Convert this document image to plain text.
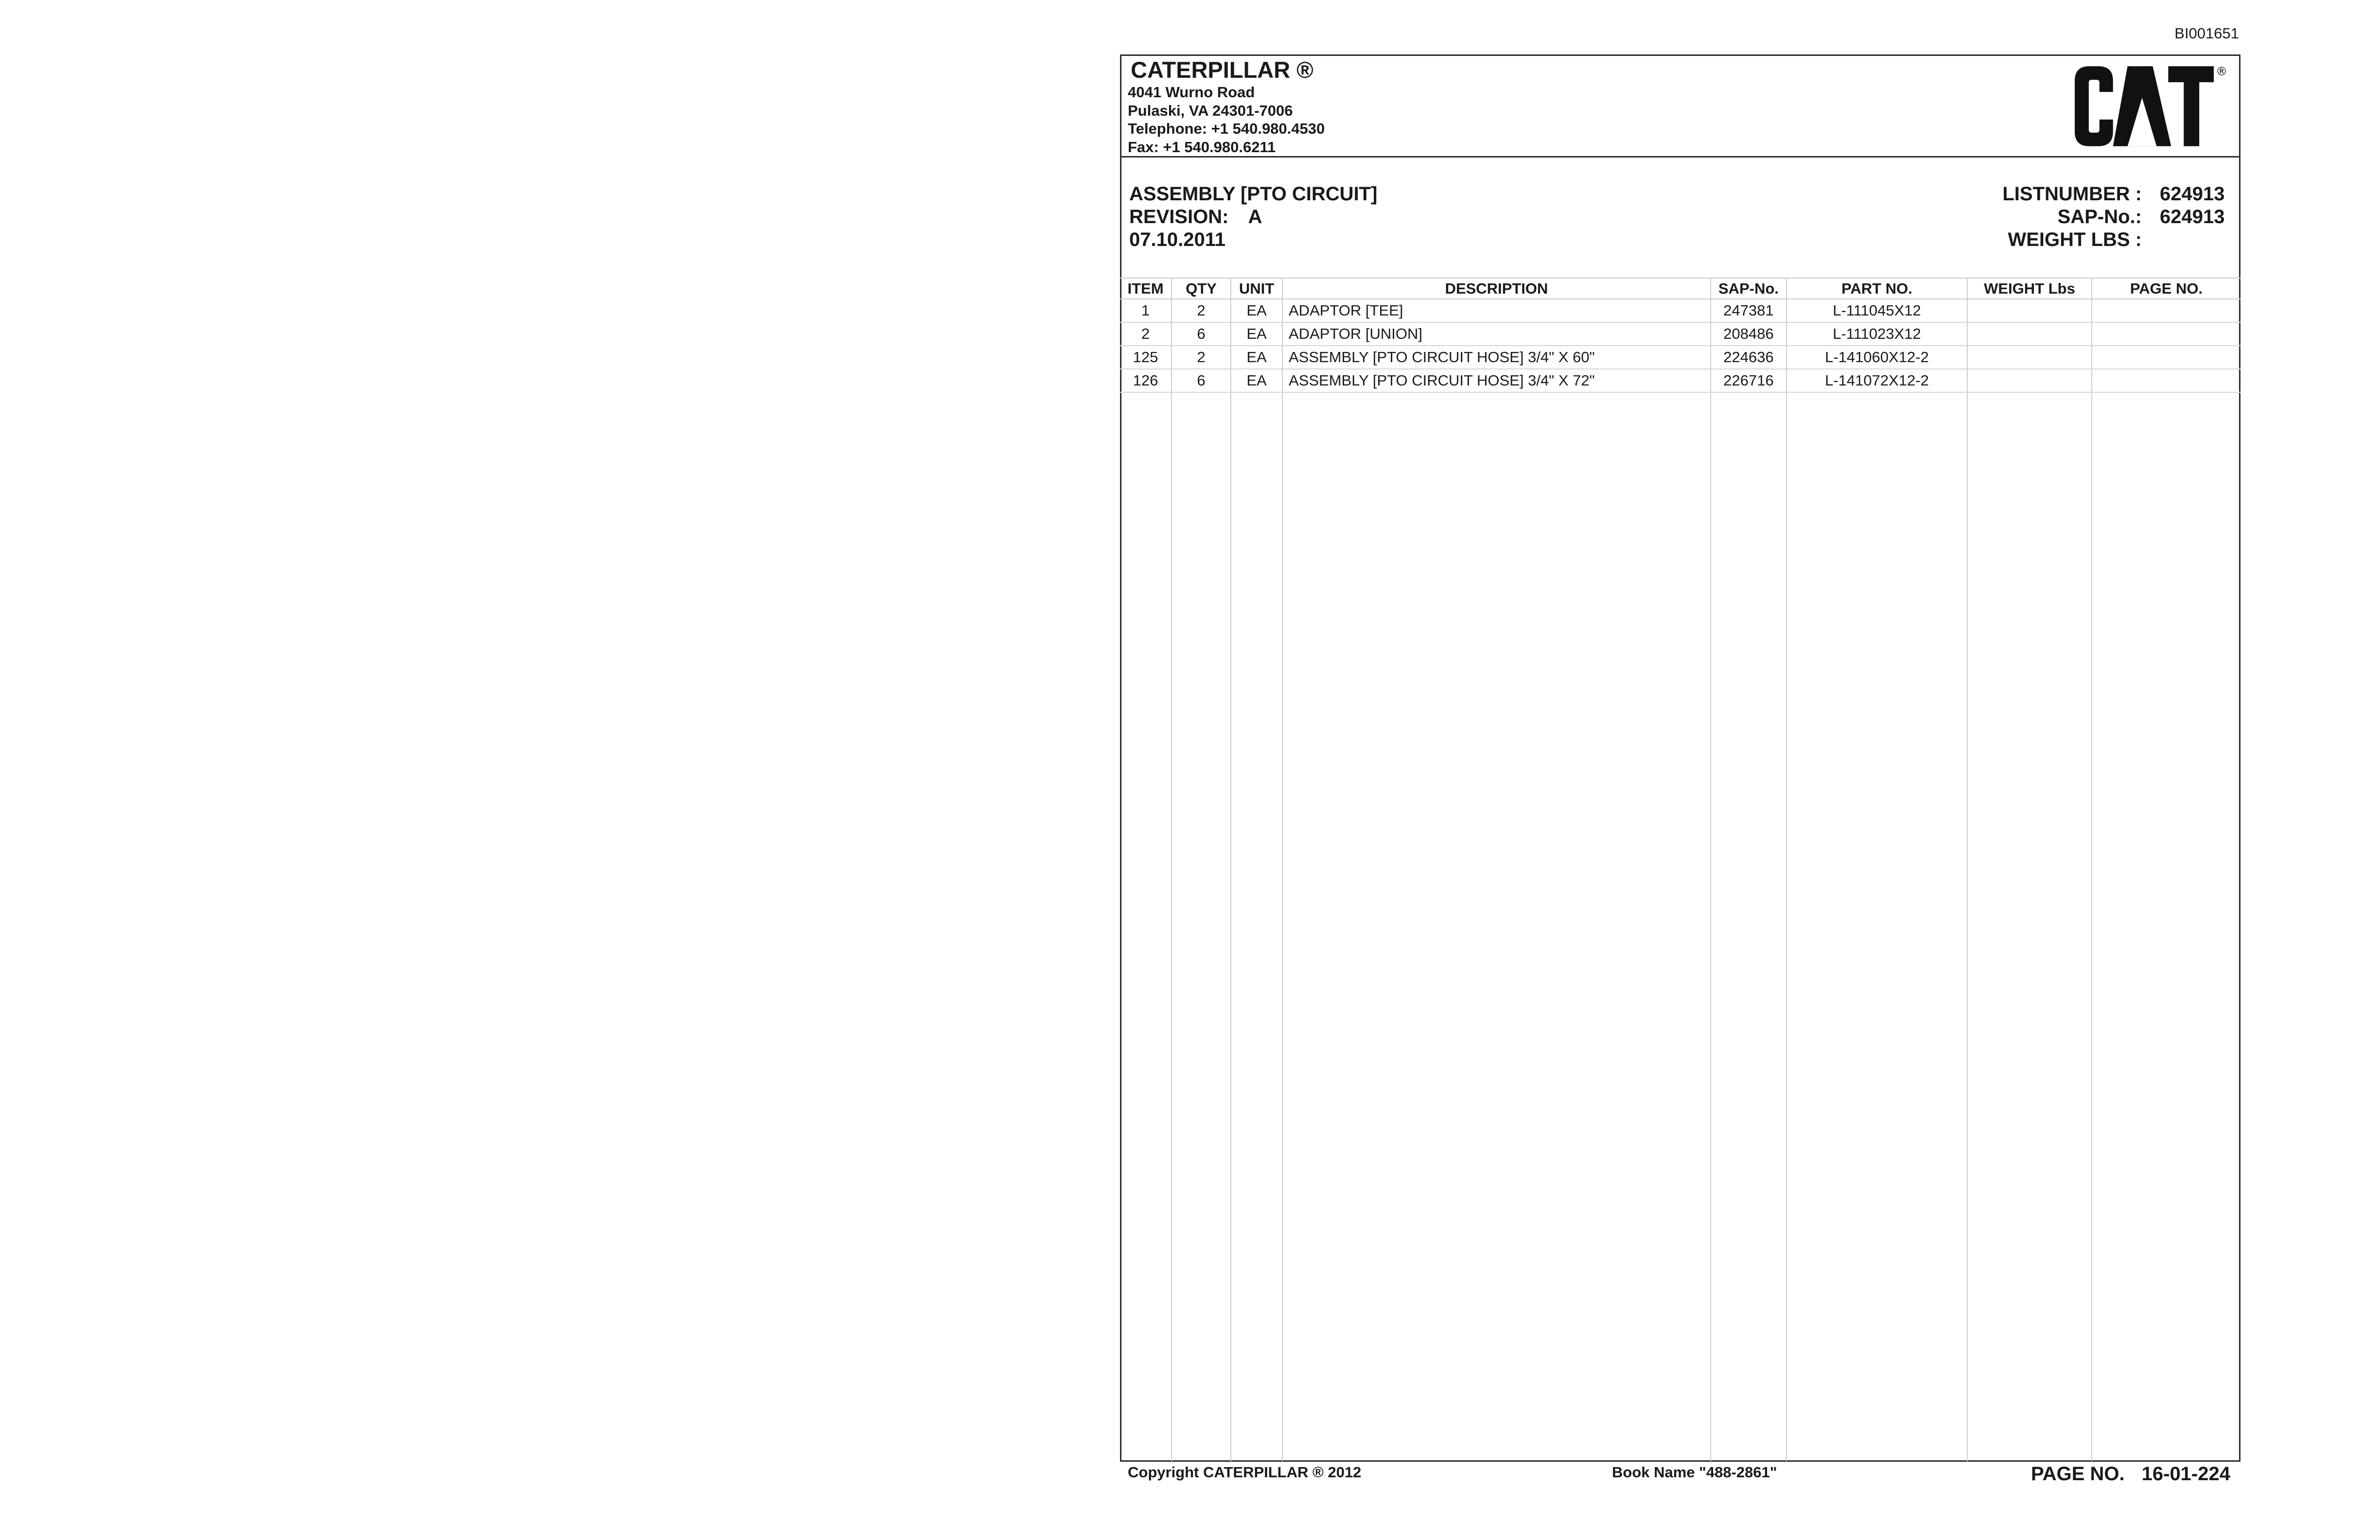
BI001651
CATERPILLAR ®
4041 Wurno Road
Pulaski, VA 24301-7006
Telephone: +1 540.980.4530
Fax: +1 540.980.6211
®
ASSEMBLY [PTO CIRCUIT]
REVISION: A
07.10.2011
LISTNUMBER : 624913
SAP-No.: 624913
WEIGHT LBS :
ITEM	QTY	UNIT	DESCRIPTION	SAP-No.	PART NO.	WEIGHT Lbs	PAGE NO.
1	2	EA	ADAPTOR [TEE]	247381	L-111045X12		
2	6	EA	ADAPTOR [UNION]	208486	L-111023X12		
125	2	EA	ASSEMBLY [PTO CIRCUIT HOSE] 3/4" X 60"	224636	L-141060X12-2		
126	6	EA	ASSEMBLY [PTO CIRCUIT HOSE] 3/4" X 72"	226716	L-141072X12-2		

Copyright CATERPILLAR ® 2012	Book Name "488-2861"	PAGE NO. 16-01-224
